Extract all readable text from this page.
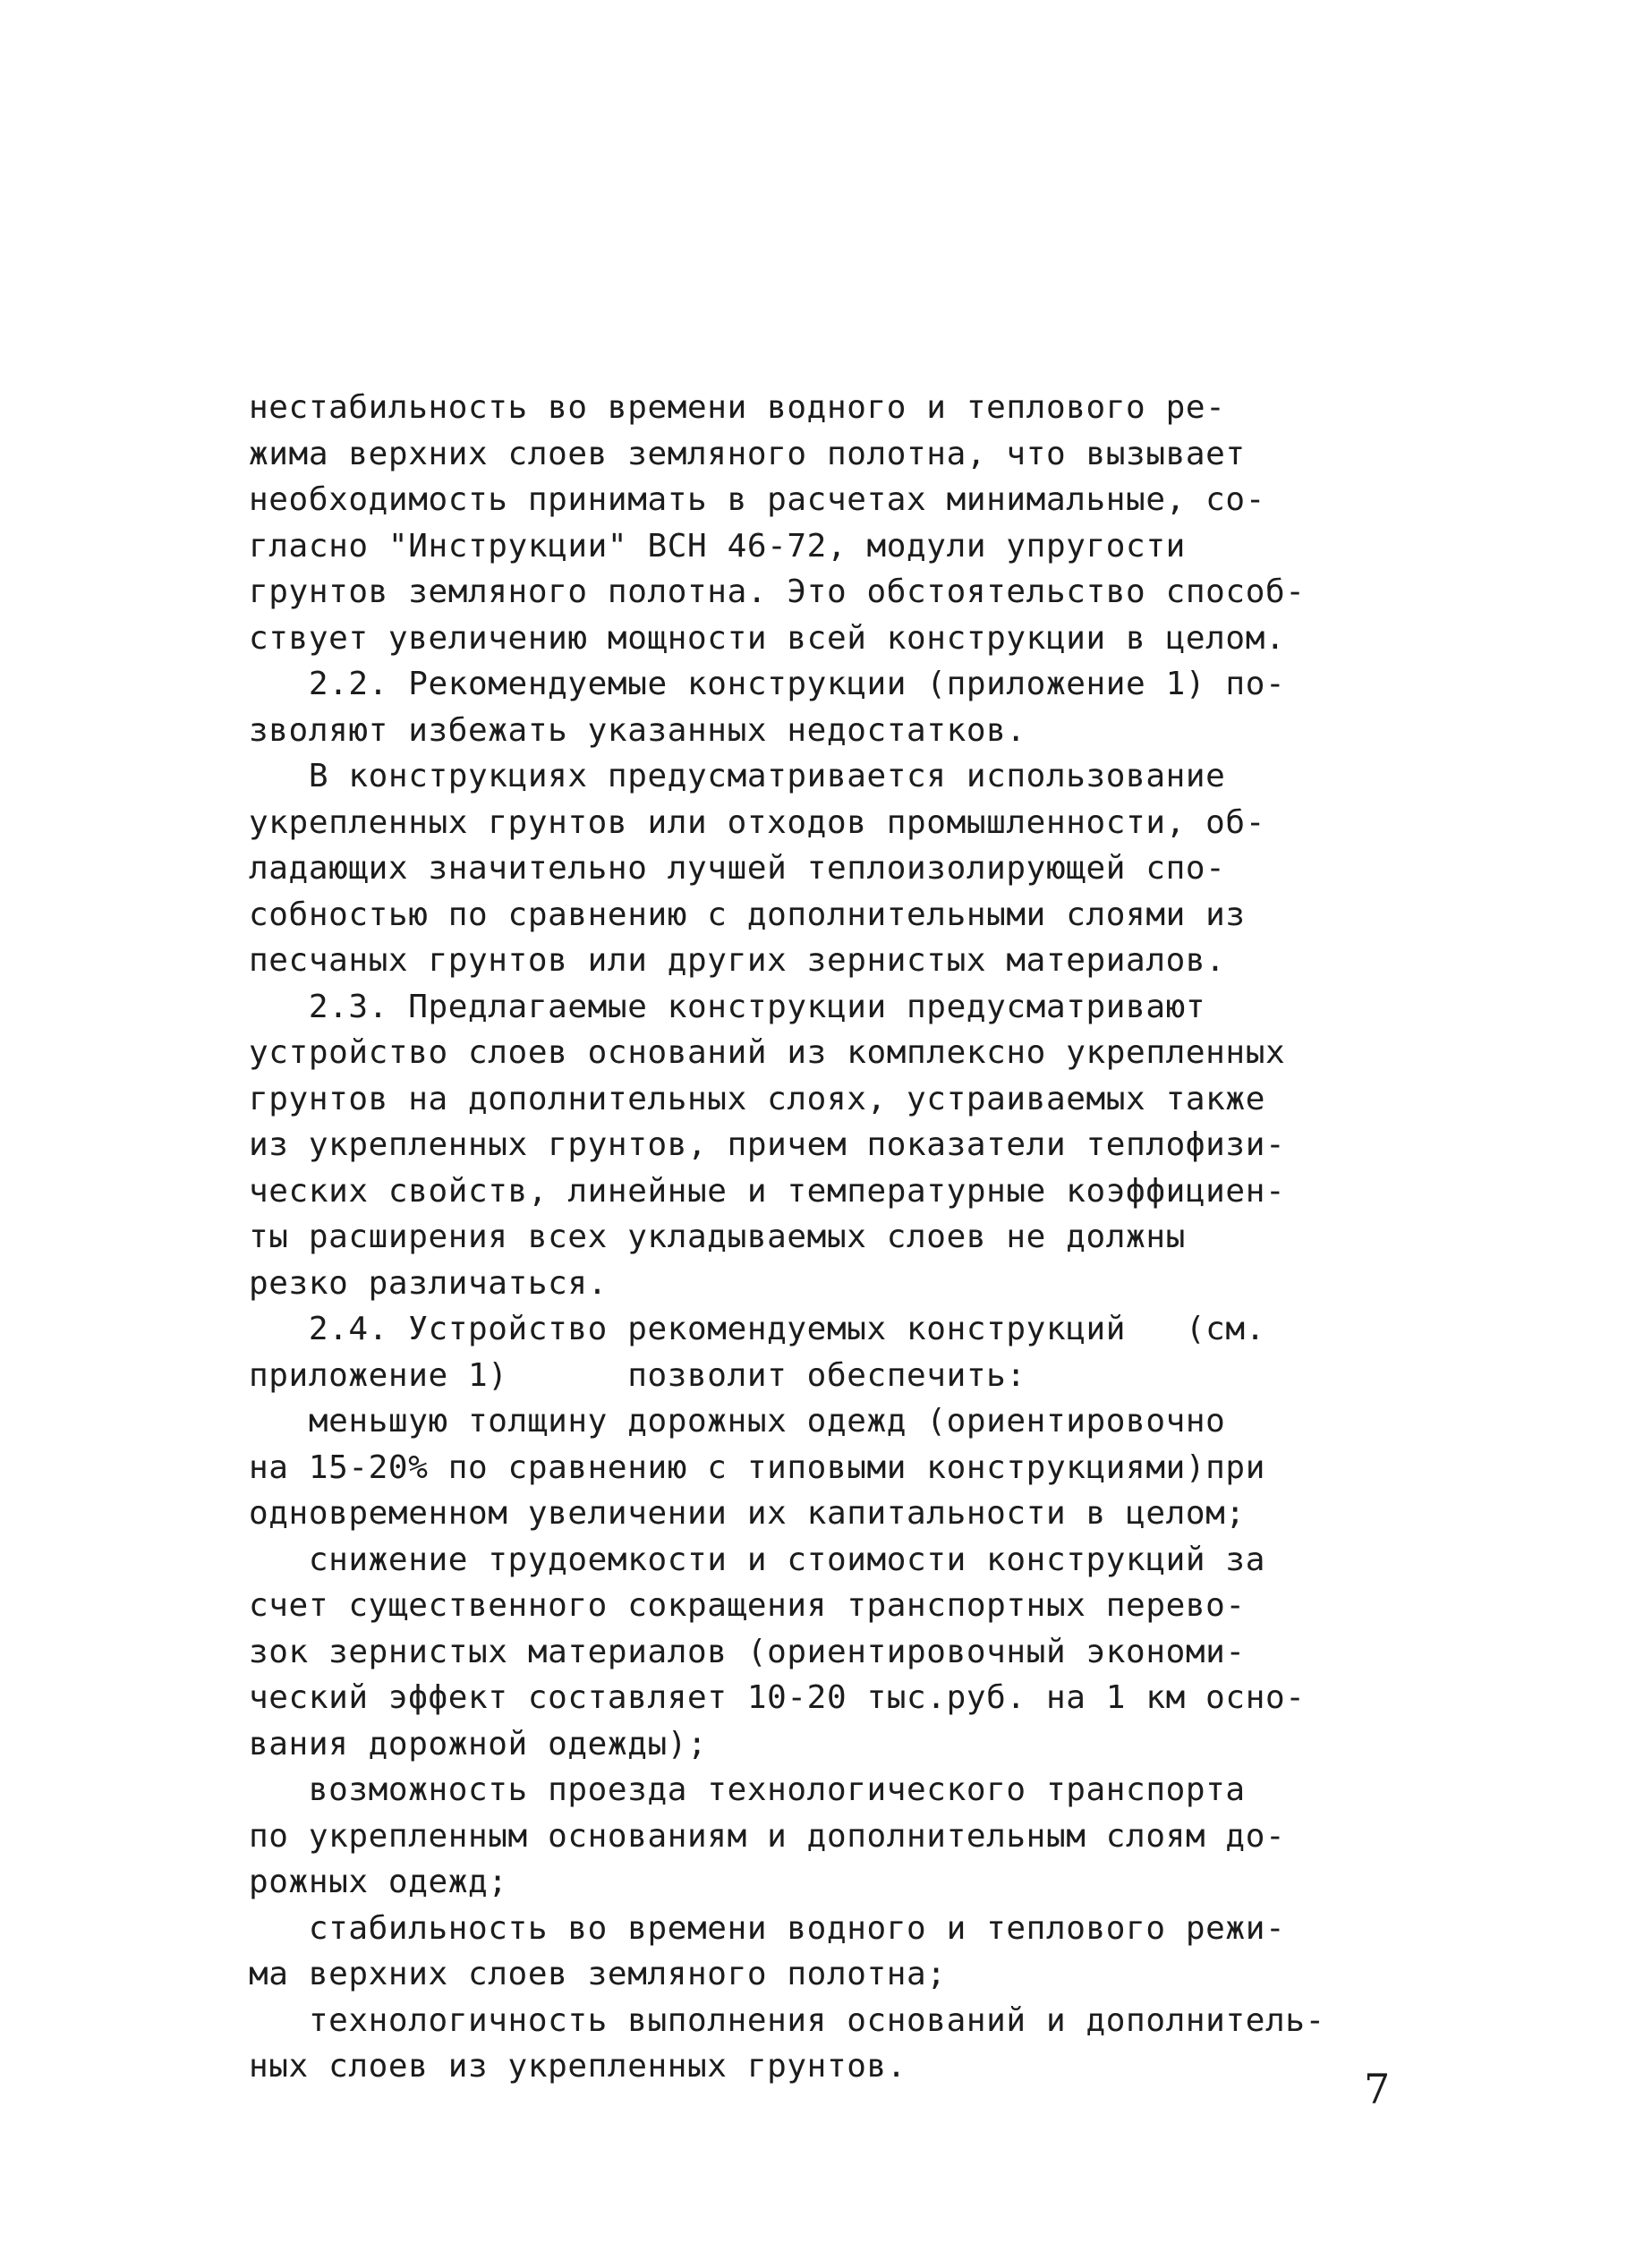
нестабильность во времени водного и теплового ре-
жима верхних слоев земляного полотна, что вызывает
необходимость принимать в расчетах минимальные, со-
гласно "Инструкции" ВСН 46-72, модули упругости
грунтов земляного полотна. Это обстоятельство способ-
ствует увеличению мощности всей конструкции в целом.
2.2. Рекомендуемые конструкции (приложение 1) по-
зволяют избежать указанных недостатков.
В конструкциях предусматривается использование
укрепленных грунтов или отходов промышленности, об-
ладающих значительно лучшей теплоизолирующей спо-
собностью по сравнению с дополнительными слоями из
песчаных грунтов или других зернистых материалов.
2.3. Предлагаемые конструкции предусматривают
устройство слоев оснований из комплексно укрепленных
грунтов на дополнительных слоях, устраиваемых также
из укрепленных грунтов, причем показатели теплофизи-
ческих свойств, линейные и температурные коэффициен-
ты расширения всех укладываемых слоев не должны
резко различаться.
2.4. Устройство рекомендуемых конструкций   (см.
приложение 1)      позволит обеспечить:
меньшую толщину дорожных одежд (ориентировочно
на 15-20% по сравнению с типовыми конструкциями)при
одновременном увеличении их капитальности в целом;
снижение трудоемкости и стоимости конструкций за
счет существенного сокращения транспортных перево-
зок зернистых материалов (ориентировочный экономи-
ческий эффект составляет 10-20 тыс.руб. на 1 км осно-
вания дорожной одежды);
возможность проезда технологического транспорта
по укрепленным основаниям и дополнительным слоям до-
рожных одежд;
стабильность во времени водного и теплового режи-
ма верхних слоев земляного полотна;
технологичность выполнения оснований и дополнитель-
ных слоев из укрепленных грунтов.	7
